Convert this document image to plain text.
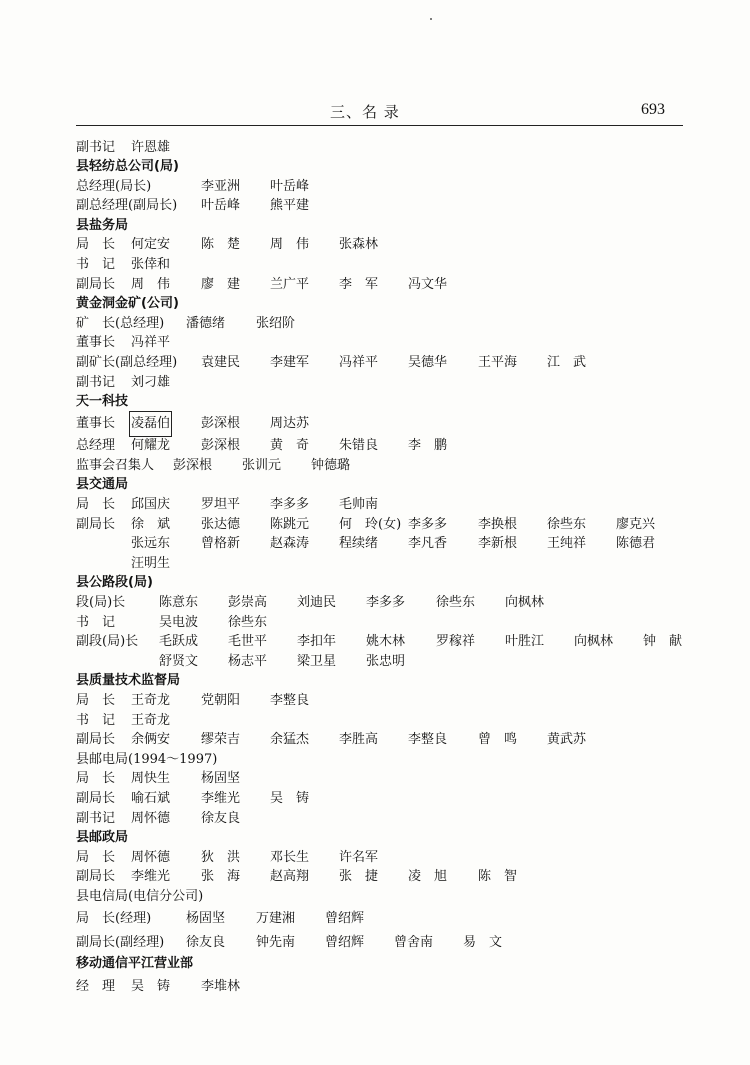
三、名 录	693
副书记 许恩雄
县轻纺总公司(局)
总经理(局长)	李亚洲 叶岳峰
副总经理(副局长) 叶岳峰 熊平建
县盐务局
局　长 何定安 陈　楚 周　伟 张森林
书　记 张倖和
副局长 周　伟 廖　建 兰广平 李　军 冯文华
黄金洞金矿(公司)
矿　长(总经理) 潘德绪 张绍阶
董事长 冯祥平
副矿长(副总经理) 袁建民 李建军 冯祥平 吴德华 王平海 江　武
副书记 刘刁雄
天一科技
董事长 凌磊伯 彭深根 周达苏
总经理 何耀龙 彭深根 黄　奇 朱错良 李　鹏
监事会召集人 彭深根 张训元 钟德璐
县交通局
局　长 邱国庆 罗坦平 李多多 毛帅南
副局长 徐　斌 张达德 陈跳元 何　玲(女) 李多多 李换根 徐些东 廖克兴
张远东 曾格新 赵森涛 程续绪 李凡香 李新根 王纯祥 陈德君
汪明生
县公路段(局)
段(局)长	陈意东 彭崇高 刘迪民 李多多 徐些东 向枫林
书　记	吴电波 徐些东
副段(局)长 毛跃成 毛世平 李扣年 姚木林 罗稼祥 叶胜江 向枫林 钟　献
舒贤文 杨志平 梁卫星 张忠明
县质量技术监督局
局　长 王奇龙 党朝阳 李整良
书　记 王奇龙
副局长 余俩安 缪荣吉 余猛杰 李胜高 李整良 曾　鸣 黄武苏
县邮电局(1994～1997)
局　长 周快生 杨固坚
副局长 喻石斌 李维光 吴　铸
副书记 周怀德 徐友良
县邮政局
局　长 周怀德 狄　洪 邓长生 许名军
副局长 李维光 张　海 赵高翔 张　捷 凌　旭 陈　智
县电信局(电信分公司)
局　长(经理)	杨固坚 万建湘 曾绍辉
副局长(副经理) 徐友良 钟先南 曾绍辉 曾舍南 易　文
移动通信平江营业部
经　理 吴　铸 李堆林
